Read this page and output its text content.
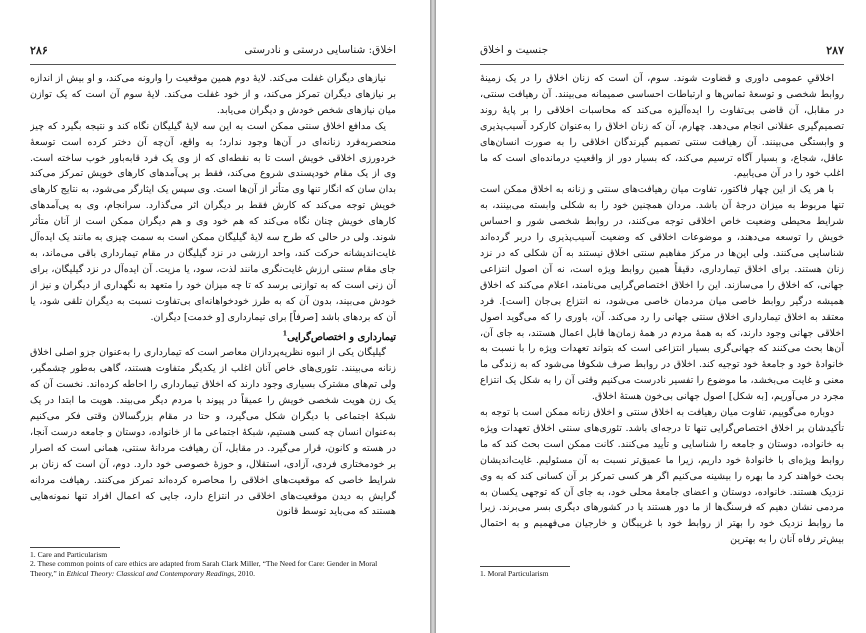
۲۸۶	اخلاق: شناسایی درستی و نادرستی

نیازهای دیگران غفلت می‌کند. لایهٔ دوم همین موقعیت را وارونه می‌کند، و او بیش از اندازه بر نیازهای دیگران تمرکز می‌کند، و از خود غفلت می‌کند. لایهٔ سوم آن است که یک توازن میان نیازهای شخص خودش و دیگران می‌یابد.

یک مدافع اخلاق سنتی ممکن است به این سه لایهٔ گیلیگان نگاه کند و نتیجه بگیرد که چیز منحصربه‌فرد زنانه‌ای در آن‌ها وجود ندارد؛ به واقع، آن‌چه آن دختر کرده است توسعهٔ خردورزی اخلاقی خویش است تا به نقطه‌ای که از وی یک فرد قابه‌باور خوب ساخته است. وی از یک مقام خودپسندی شروع می‌کند، فقط بر پی‌آمدهای کارهای خویش تمرکز می‌کند بدان سان که انگار تنها وی متأثر از آن‌ها است. وی سپس یک ایثارگر می‌شود، به نتایج کارهای خویش توجه می‌کند که کارش فقط بر دیگران اثر می‌گذارد. سرانجام، وی به پی‌آمدهای کارهای خویش چنان نگاه می‌کند که هم خود وی و هم دیگران ممکن است از آنان متأثر شوند. ولی در حالی که طرح سه لایهٔ گیلیگان ممکن است به سمت چیزی به مانند یک ایده‌آل غایت‌اندیشانه حرکت کند، واحد ارزشی در نزد گیلیگان در مقام تیمارداری باقی می‌ماند، به جای مقام سنتی ارزش غایت‌نگری مانند لذت، سود، یا مزیت. آن ایده‌آل در نزد گیلیگان، برای آن زنی است که به توازنی برسد که تا چه میزان خود را متعهد به نگهداری از دیگران و نیز از خودش می‌بیند، بدون آن که به طرز خودخواهانه‌ای بی‌تفاوت نسبت به دیگران تلقی شود، یا آن که بردهای باشد [صرفاً] برای تیمارداری [و خدمت] دیگران.

تیمارداری و اختصاص‌گرایی$^1$

گیلیگان یکی از انبوه نظریه‌پردازان معاصر است که تیمارداری را به‌عنوان جزو اصلی اخلاق زنانه می‌بینند. تئوری‌های خاص آنان اغلب از یکدیگر متفاوت هستند، گاهی به‌طور چشمگیر، ولی تم‌های مشترک بسیاری وجود دارند که اخلاق تیمارداری را احاطه کرده‌اند. نخست آن که یک زن هویت شخصی خویش را عمیقاً در پیوند با مردم دیگر می‌بیند. هویت ما ابتدا در یک شبکهٔ اجتماعی با دیگران شکل می‌گیرد، و حتا در مقام بزرگسالان وقتی فکر می‌کنیم به‌عنوان انسان چه کسی هستیم، شبکهٔ اجتماعی ما از خانواده، دوستان و جامعه درست آنجا، در هسته و کانون، قرار می‌گیرد. در مقابل، آن رهیافت مردانهٔ سنتی، همانی است که اصرار بر خودمختاری فردی، آزادی، استقلال، و حوزهٔ خصوصی خود دارد. دوم، آن است که زنان بر شرایط خاصی که موقعیت‌های اخلاقی را محاصره کرده‌اند تمرکز می‌کنند. رهیافت مردانه گرایش به دیدن موقعیت‌های اخلاقی در انتزاع دارد، جایی که اعمال افراد تنها نمونه‌هایی هستند که می‌باید توسط قانون

1. Care and Particularism
2. These common points of care ethics are adapted from Sarah Clark Miller, “The Need for Care: Gender in Moral Theory,” in Ethical Theory: Classical and Contemporary Readings, 2010.
۲۸۷
جنسیت و اخلاق

اخلاقیِ عمومی داوری و قضاوت شوند. سوم، آن است که زنان اخلاق را در یک زمینهٔ روابط شخصی و توسعهٔ تماس‌ها و ارتباطات احساسی صمیمانه می‌بینند. آن رهیافت سنتی، در مقابل، آن قاضی بی‌تفاوت را ایده‌آلیزه می‌کند که محاسبات اخلاقی را بر پایهٔ روند تصمیم‌گیری عقلانی انجام می‌دهد. چهارم، آن که زنان اخلاق را به‌عنوان کارکرد آسیب‌پذیری و وابستگی می‌بینند. آن رهیافت سنتی تصمیم گیرندگان اخلاقی را به صورت انسان‌های عاقل، شجاع، و بسیار آگاه ترسیم می‌کند، که بسیار دور از واقعیتِ درمانده‌ای است که ما اغلب خود را در آن می‌یابیم.

با هر یک از این چهار فاکتور، تفاوت میان رهیافت‌های سنتی و زنانه به اخلاق ممکن است تنها مربوط به میزان درجهٔ آن باشد. مردان همچنین خود را به شکلی وابسته می‌بینند، به شرایط محیطی وضعیت خاص اخلاقی توجه می‌کنند، در روابط شخصی شور و احساس خویش را توسعه می‌دهند، و موضوعات اخلاقی که وضعیت آسیب‌پذیری را دربر گرده‌اند شناسایی می‌کنند. ولی این‌ها در مرکز مفاهیم سنتی اخلاق نیستند به آن شکلی که در نزد زنان هستند. برای اخلاق تیمارداری، دقیقاً همین روابط ویژه است، نه آن اصول انتزاعی جهانی، که اخلاق را می‌سازند. این را اخلاق اختصاص‌گرایی می‌نامند، اعلام می‌کند که اخلاق همیشه درگیر روابط خاصی میان مردمان خاصی می‌شود، نه انتزاع بی‌جان [است]. فرد معتقد به اخلاق تیمارداری اخلاق سنتی جهانی را رد می‌کند. آن، باوری را که می‌گوید اصول اخلاقی جهانی وجود دارند، که به همهٔ مردم در همهٔ زمان‌ها قابل اعمال هستند، به جای آن، آن‌ها بحث می‌کنند که جهانی‌گری بسیار انتزاعی است که بتواند تعهدات ویژه را با نسبت به خانوادهٔ خود و جامعهٔ خود توجیه کند. اخلاق در روابط صرف شکوفا می‌شود که به زندگی ما معنی و غایت می‌بخشد، ما موضوع را تفسیر نادرست می‌کنیم وقتی آن را به شکل یک انتزاع مجرد در می‌آوریم، [به شکل] اصول جهانی بی‌خون هستهٔ اخلاق.

دوباره می‌گوییم، تفاوت میان رهیافت به اخلاق سنتی و اخلاق زنانه ممکن است با توجه به تأکیدشان بر اخلاق اختصاص‌گرایی تنها تا درجه‌ای باشد. تئوری‌های سنتی اخلاق تعهدات ویژه به خانواده، دوستان و جامعه را شناسایی و تأیید می‌کنند. کانت ممکن است بحث کند که ما روابط ویژه‌ای با خانوادهٔ خود داریم، زیرا ما عمیق‌تر نسبت به آن مسئولیم. غایت‌اندیشان بحث خواهند کرد ما بهره را بیشینه می‌کنیم اگر هر کسی تمرکز بر آن کسانی کند که به وی نزدیک هستند. خانواده، دوستان و اعضای جامعهٔ محلی خود، به جای آن که توجهی یکسان به مردمی نشان دهیم که فرسنگ‌ها از ما دور هستند یا در کشورهای دیگری بسر می‌برند. زیرا ما روابط نزدیک خود را بهتر از روابط خود با غریبگان و خارجیان می‌فهمیم و به احتمال بیش‌تر رفاه آنان را به بهترین

1. Moral Particularism
